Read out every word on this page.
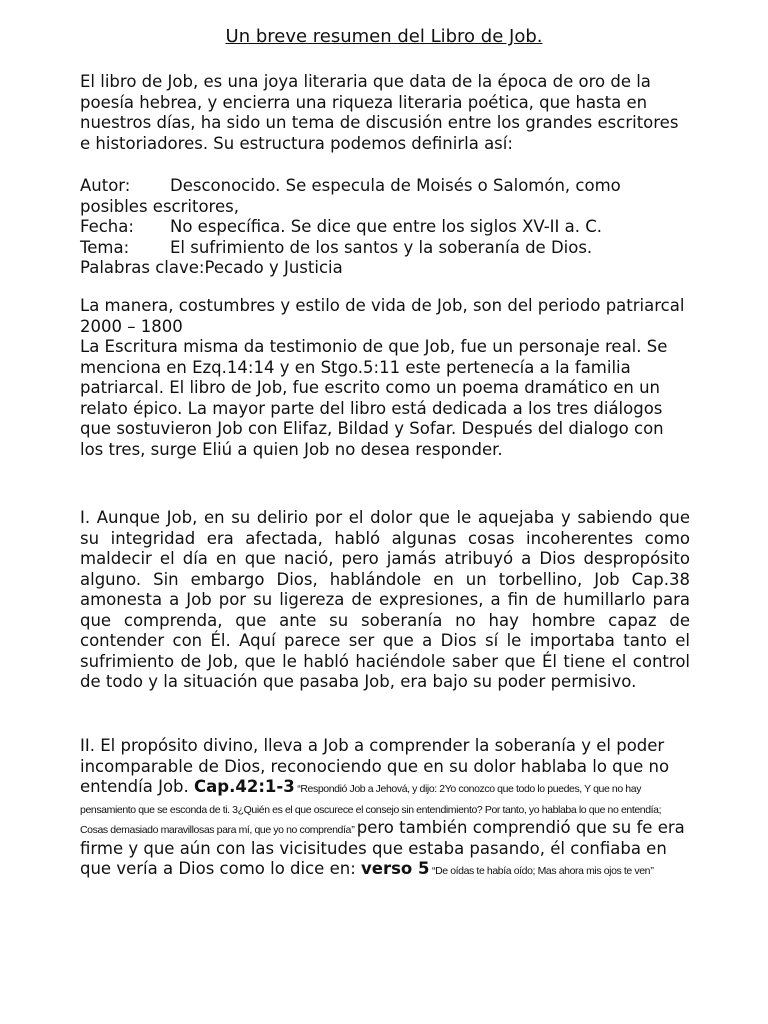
Un breve resumen del Libro de Job.

El libro de Job, es una joya literaria que data de la época de oro de la poesía hebrea, y encierra una riqueza literaria poética, que hasta en nuestros días, ha sido un tema de discusión entre los grandes escritores e historiadores. Su estructura podemos definirla así:

Autor:	Desconocido. Se especula de Moisés o Salomón, como
posibles escritores,
Fecha:	No específica. Se dice que entre los siglos XV-II a. C.
Tema:	El sufrimiento de los santos y la soberanía de Dios.
Palabras clave: Pecado y Justicia
La manera, costumbres y estilo de vida de Job, son del periodo patriarcal 2000 – 1800
La Escritura misma da testimonio de que Job, fue un personaje real. Se menciona en Ezq.14:14 y en Stgo.5:11 este pertenecía a la familia patriarcal. El libro de Job, fue escrito como un poema dramático en un relato épico. La mayor parte del libro está dedicada a los tres diálogos que sostuvieron Job con Elifaz, Bildad y Sofar. Después del dialogo con los tres, surge Eliú a quien Job no desea responder.

I. Aunque Job, en su delirio por el dolor que le aquejaba y sabiendo que su integridad era afectada, habló algunas cosas incoherentes como maldecir el día en que nació, pero jamás atribuyó a Dios despropósito alguno. Sin embargo Dios, hablándole en un torbellino, Job Cap.38 amonesta a Job por su ligereza de expresiones, a fin de humillarlo para que comprenda, que ante su soberanía no hay hombre capaz de contender con Él. Aquí parece ser que a Dios sí le importaba tanto el sufrimiento de Job, que le habló haciéndole saber que Él tiene el control de todo y la situación que pasaba Job, era bajo su poder permisivo.

II. El propósito divino, lleva a Job a comprender la soberanía y el poder incomparable de Dios, reconociendo que en su dolor hablaba lo que no entendía Job. Cap.42:1-3 “Respondió Job a Jehová, y dijo: 2Yo conozco que todo lo puedes, Y que no hay pensamiento que se esconda de ti. 3¿Quién es el que oscurece el consejo sin entendimiento? Por tanto, yo hablaba lo que no entendía; Cosas demasiado maravillosas para mí, que yo no comprendía’’ pero también comprendió que su fe era firme y que aún con las vicisitudes que estaba pasando, él confiaba en que vería a Dios como lo dice en: verso 5 “De oídas te había oído; Mas ahora mis ojos te ven’’
